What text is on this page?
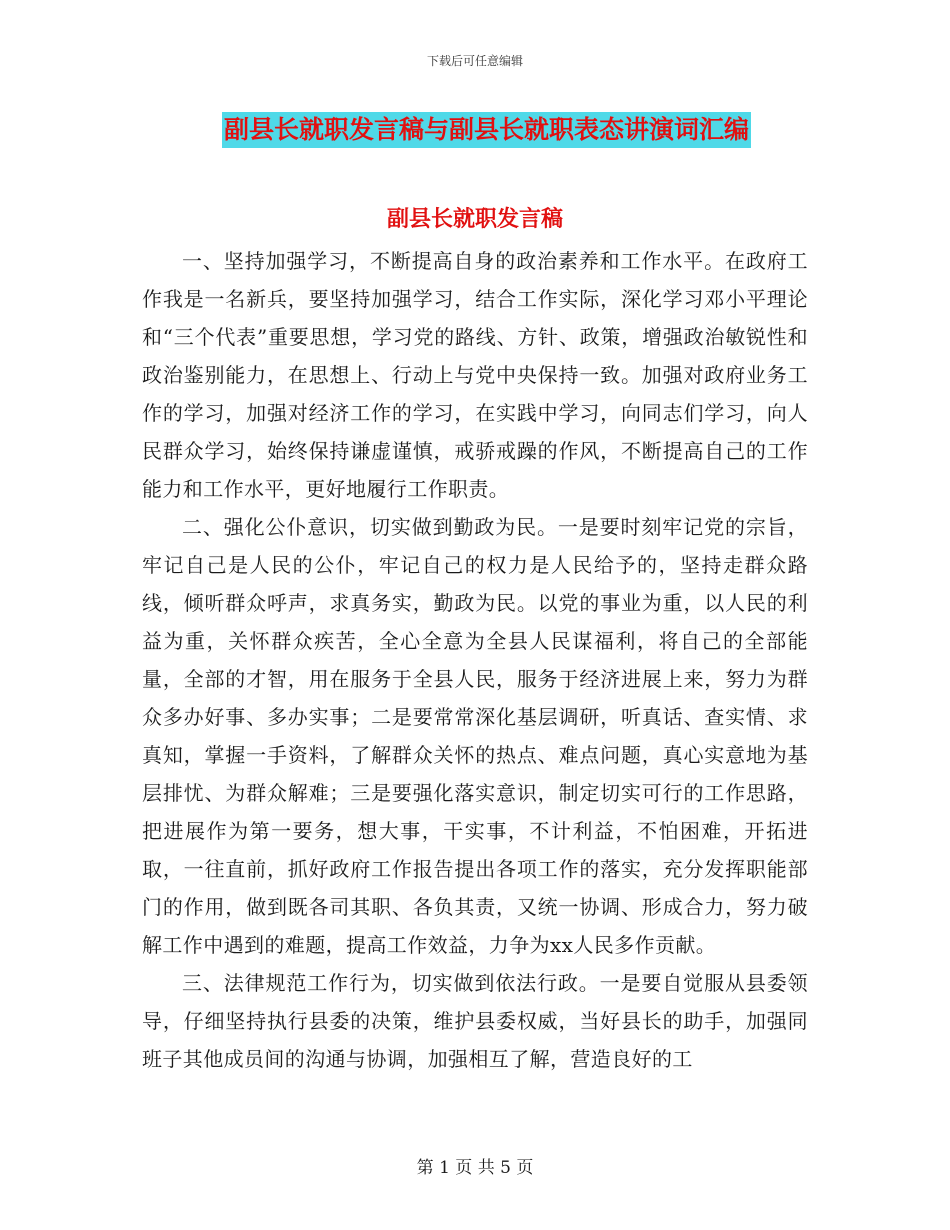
下载后可任意编辑
副县长就职发言稿与副县长就职表态讲演词汇编
副县长就职发言稿

一、坚持加强学习，不断提高自身的政治素养和工作水平。在政府工作我是一名新兵，要坚持加强学习，结合工作实际，深化学习邓小平理论和“三个代表”重要思想，学习党的路线、方针、政策，增强政治敏锐性和政治鉴别能力，在思想上、行动上与党中央保持一致。加强对政府业务工作的学习，加强对经济工作的学习，在实践中学习，向同志们学习，向人民群众学习，始终保持谦虚谨慎，戒骄戒躁的作风，不断提高自己的工作能力和工作水平，更好地履行工作职责。

二、强化公仆意识，切实做到勤政为民。一是要时刻牢记党的宗旨，牢记自己是人民的公仆，牢记自己的权力是人民给予的，坚持走群众路线，倾听群众呼声，求真务实，勤政为民。以党的事业为重，以人民的利益为重，关怀群众疾苦，全心全意为全县人民谋福利，将自己的全部能量，全部的才智，用在服务于全县人民，服务于经济进展上来，努力为群众多办好事、多办实事；二是要常常深化基层调研，听真话、查实情、求真知，掌握一手资料，了解群众关怀的热点、难点问题，真心实意地为基层排忧、为群众解难；三是要强化落实意识，制定切实可行的工作思路，把进展作为第一要务，想大事，干实事，不计利益，不怕困难，开拓进取，一往直前，抓好政府工作报告提出各项工作的落实，充分发挥职能部门的作用，做到既各司其职、各负其责，又统一协调、形成合力，努力破解工作中遇到的难题，提高工作效益，力争为xx人民多作贡献。

三、法律规范工作行为，切实做到依法行政。一是要自觉服从县委领导，仔细坚持执行县委的决策，维护县委权威，当好县长的助手，加强同班子其他成员间的沟通与协调，加强相互了解，营造良好的工

第 1 页 共 5 页
